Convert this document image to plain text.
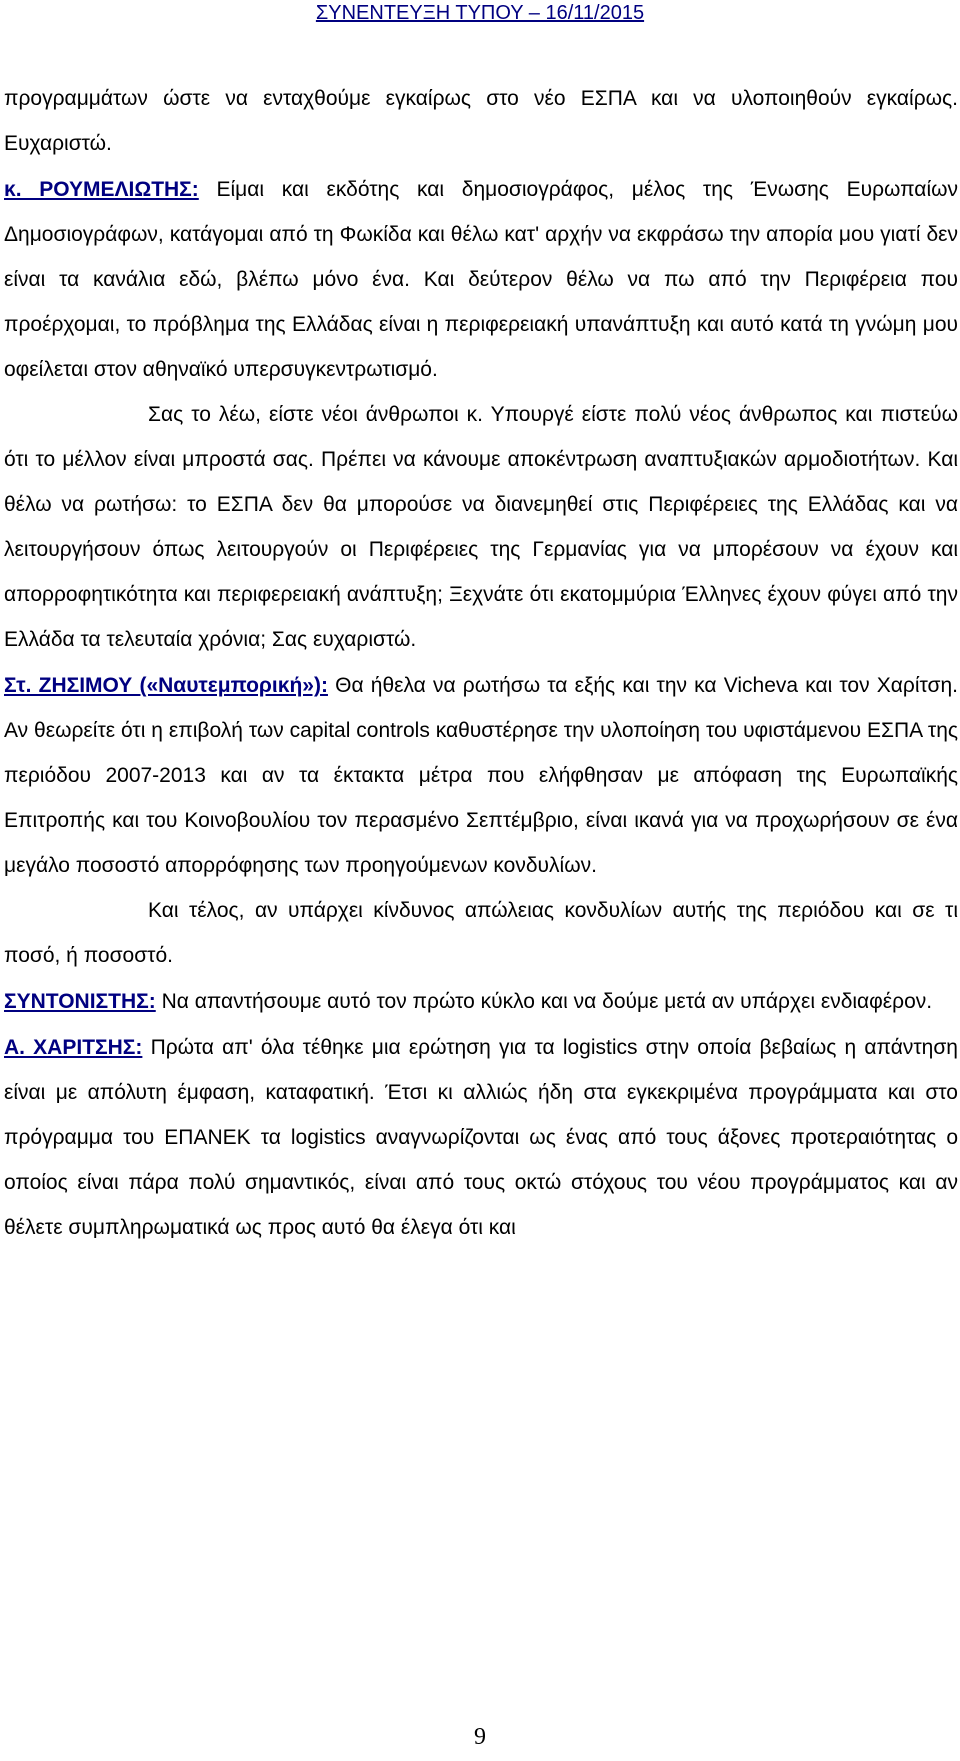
ΣΥΝΕΝΤΕΥΞΗ ΤΥΠΟΥ – 16/11/2015

προγραμμάτων ώστε να ενταχθούμε εγκαίρως στο νέο ΕΣΠΑ και να υλοποιηθούν εγκαίρως. Ευχαριστώ.

κ. ΡΟΥΜΕΛΙΩΤΗΣ: Είμαι και εκδότης και δημοσιογράφος, μέλος της Ένωσης Ευρωπαίων Δημοσιογράφων, κατάγομαι από τη Φωκίδα και θέλω κατ' αρχήν να εκφράσω την απορία μου γιατί δεν είναι τα κανάλια εδώ, βλέπω μόνο ένα. Και δεύτερον θέλω να πω από την Περιφέρεια που προέρχομαι, το πρόβλημα της Ελλάδας είναι η περιφερειακή υπανάπτυξη και αυτό κατά τη γνώμη μου οφείλεται στον αθηναϊκό υπερσυγκεντρωτισμό.

Σας το λέω, είστε νέοι άνθρωποι κ. Υπουργέ είστε πολύ νέος άνθρωπος και πιστεύω ότι το μέλλον είναι μπροστά σας. Πρέπει να κάνουμε αποκέντρωση αναπτυξιακών αρμοδιοτήτων. Και θέλω να ρωτήσω: το ΕΣΠΑ δεν θα μπορούσε να διανεμηθεί στις Περιφέρειες της Ελλάδας και να λειτουργήσουν όπως λειτουργούν οι Περιφέρειες της Γερμανίας για να μπορέσουν να έχουν και απορροφητικότητα και περιφερειακή ανάπτυξη; Ξεχνάτε ότι εκατομμύρια Έλληνες έχουν φύγει από την Ελλάδα τα τελευταία χρόνια; Σας ευχαριστώ.

Στ. ΖΗΣΙΜΟΥ («Ναυτεμπορική»): Θα ήθελα να ρωτήσω τα εξής και την κα Vicheva και τον Χαρίτση. Αν θεωρείτε ότι η επιβολή των capital controls καθυστέρησε την υλοποίηση του υφιστάμενου ΕΣΠΑ της περιόδου 2007-2013 και αν τα έκτακτα μέτρα που ελήφθησαν με απόφαση της Ευρωπαϊκής Επιτροπής και του Κοινοβουλίου τον περασμένο Σεπτέμβριο, είναι ικανά για να προχωρήσουν σε ένα μεγάλο ποσοστό απορρόφησης των προηγούμενων κονδυλίων.

Και τέλος, αν υπάρχει κίνδυνος απώλειας κονδυλίων αυτής της περιόδου και σε τι ποσό, ή ποσοστό.

ΣΥΝΤΟΝΙΣΤΗΣ: Να απαντήσουμε αυτό τον πρώτο κύκλο και να δούμε μετά αν υπάρχει ενδιαφέρον.

Α. ΧΑΡΙΤΣΗΣ: Πρώτα απ' όλα τέθηκε μια ερώτηση για τα logistics στην οποία βεβαίως η απάντηση είναι με απόλυτη έμφαση, καταφατική. Έτσι κι αλλιώς ήδη στα εγκεκριμένα προγράμματα και στο πρόγραμμα του ΕΠΑΝΕΚ τα logistics αναγνωρίζονται ως ένας από τους άξονες προτεραιότητας ο οποίος είναι πάρα πολύ σημαντικός, είναι από τους οκτώ στόχους του νέου προγράμματος και αν θέλετε συμπληρωματικά ως προς αυτό θα έλεγα ότι και

9
